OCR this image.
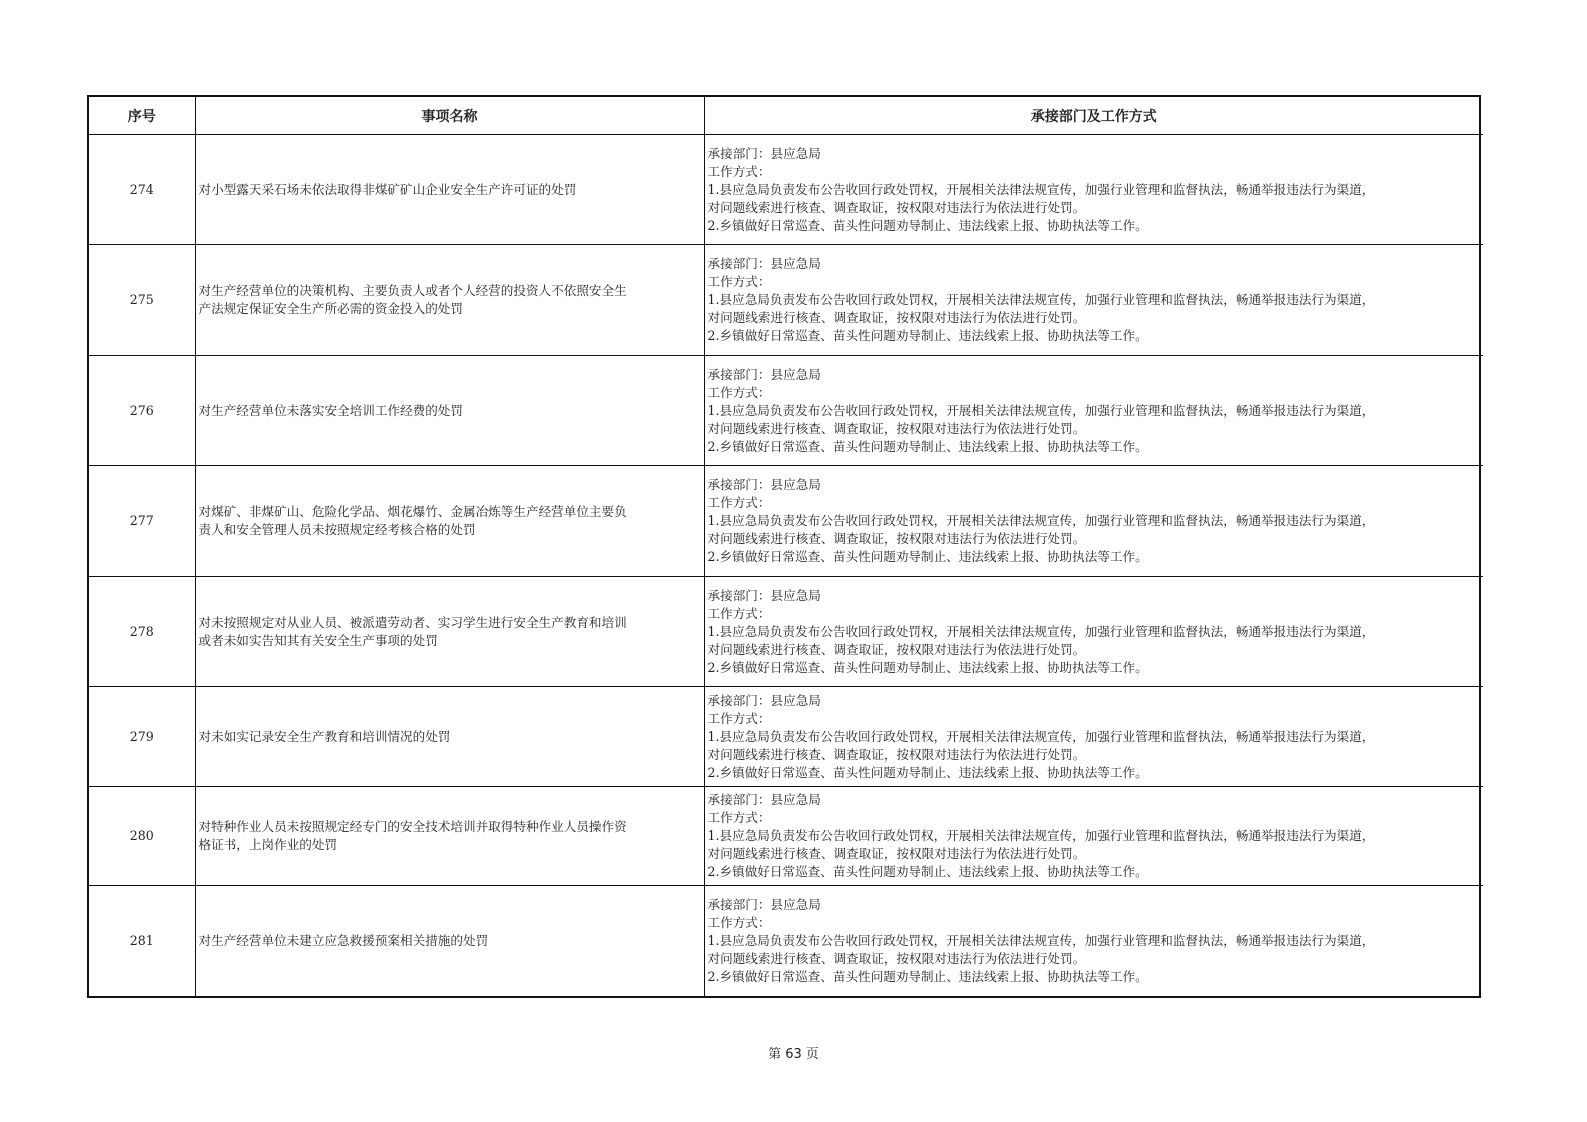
序号	事项名称	承接部门及工作方式
274	对小型露天采石场未依法取得非煤矿矿山企业安全生产许可证的处罚	承接部门：县应急局
工作方式：
1.县应急局负责发布公告收回行政处罚权，开展相关法律法规宣传，加强行业管理和监督执法，畅通举报违法行为渠道，
对问题线索进行核查、调查取证，按权限对违法行为依法进行处罚。
2.乡镇做好日常巡查、苗头性问题劝导制止、违法线索上报、协助执法等工作。

275	对生产经营单位的决策机构、主要负责人或者个人经营的投资人不依照安全生
产法规定保证安全生产所必需的资金投入的处罚	承接部门：县应急局
工作方式：
1.县应急局负责发布公告收回行政处罚权，开展相关法律法规宣传，加强行业管理和监督执法，畅通举报违法行为渠道，
对问题线索进行核查、调查取证，按权限对违法行为依法进行处罚。
2.乡镇做好日常巡查、苗头性问题劝导制止、违法线索上报、协助执法等工作。

276	对生产经营单位未落实安全培训工作经费的处罚	承接部门：县应急局
工作方式：
1.县应急局负责发布公告收回行政处罚权，开展相关法律法规宣传，加强行业管理和监督执法，畅通举报违法行为渠道，
对问题线索进行核查、调查取证，按权限对违法行为依法进行处罚。
2.乡镇做好日常巡查、苗头性问题劝导制止、违法线索上报、协助执法等工作。

277	对煤矿、非煤矿山、危险化学品、烟花爆竹、金属冶炼等生产经营单位主要负
责人和安全管理人员未按照规定经考核合格的处罚	承接部门：县应急局
工作方式：
1.县应急局负责发布公告收回行政处罚权，开展相关法律法规宣传，加强行业管理和监督执法，畅通举报违法行为渠道，
对问题线索进行核查、调查取证，按权限对违法行为依法进行处罚。
2.乡镇做好日常巡查、苗头性问题劝导制止、违法线索上报、协助执法等工作。

278	对未按照规定对从业人员、被派遣劳动者、实习学生进行安全生产教育和培训
或者未如实告知其有关安全生产事项的处罚	承接部门：县应急局
工作方式：
1.县应急局负责发布公告收回行政处罚权，开展相关法律法规宣传，加强行业管理和监督执法，畅通举报违法行为渠道，
对问题线索进行核查、调查取证，按权限对违法行为依法进行处罚。
2.乡镇做好日常巡查、苗头性问题劝导制止、违法线索上报、协助执法等工作。

279	对未如实记录安全生产教育和培训情况的处罚	承接部门：县应急局
工作方式：
1.县应急局负责发布公告收回行政处罚权，开展相关法律法规宣传，加强行业管理和监督执法，畅通举报违法行为渠道，
对问题线索进行核查、调查取证，按权限对违法行为依法进行处罚。
2.乡镇做好日常巡查、苗头性问题劝导制止、违法线索上报、协助执法等工作。

280	对特种作业人员未按照规定经专门的安全技术培训并取得特种作业人员操作资
格证书，上岗作业的处罚	承接部门：县应急局
工作方式：
1.县应急局负责发布公告收回行政处罚权，开展相关法律法规宣传，加强行业管理和监督执法，畅通举报违法行为渠道，
对问题线索进行核查、调查取证，按权限对违法行为依法进行处罚。
2.乡镇做好日常巡查、苗头性问题劝导制止、违法线索上报、协助执法等工作。

281	对生产经营单位未建立应急救援预案相关措施的处罚	承接部门：县应急局
工作方式：
1.县应急局负责发布公告收回行政处罚权，开展相关法律法规宣传，加强行业管理和监督执法，畅通举报违法行为渠道，
对问题线索进行核查、调查取证，按权限对违法行为依法进行处罚。
2.乡镇做好日常巡查、苗头性问题劝导制止、违法线索上报、协助执法等工作。
第 63 页
